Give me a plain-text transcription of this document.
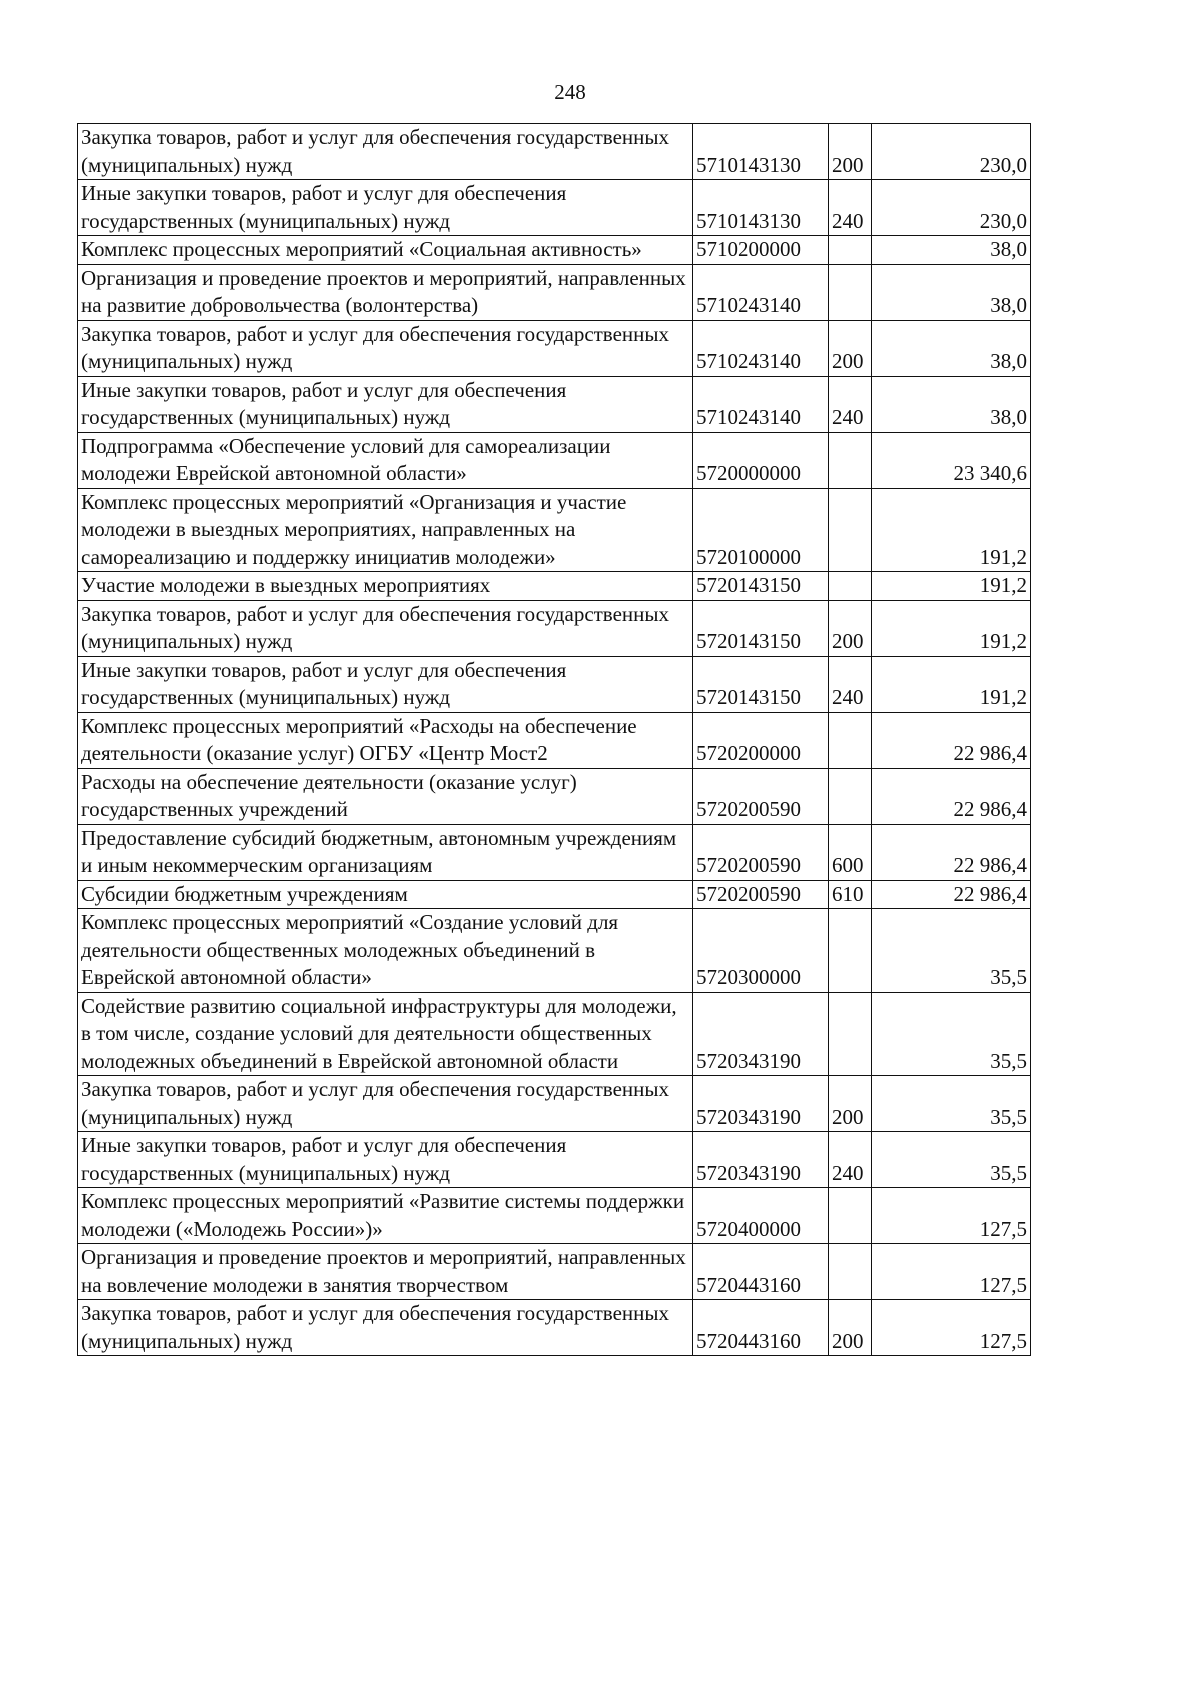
248
Закупка товаров, работ и услуг для обеспечения государственных (муниципальных) нужд	5710143130	200	230,0
Иные закупки товаров, работ и услуг для обеспечения государственных (муниципальных) нужд	5710143130	240	230,0
Комплекс процессных мероприятий «Социальная активность»	5710200000		38,0
Организация и проведение проектов и мероприятий, направленных на развитие добровольчества (волонтерства)	5710243140		38,0
Закупка товаров, работ и услуг для обеспечения государственных (муниципальных) нужд	5710243140	200	38,0
Иные закупки товаров, работ и услуг для обеспечения государственных (муниципальных) нужд	5710243140	240	38,0
Подпрограмма «Обеспечение условий для самореализации молодежи Еврейской автономной области»	5720000000		23 340,6
Комплекс процессных мероприятий «Организация и участие молодежи в выездных мероприятиях, направленных на самореализацию и поддержку инициатив молодежи»	5720100000		191,2
Участие молодежи в выездных мероприятиях	5720143150		191,2
Закупка товаров, работ и услуг для обеспечения государственных (муниципальных) нужд	5720143150	200	191,2
Иные закупки товаров, работ и услуг для обеспечения государственных (муниципальных) нужд	5720143150	240	191,2
Комплекс процессных мероприятий «Расходы на обеспечение деятельности (оказание услуг) ОГБУ «Центр Мост2	5720200000		22 986,4
Расходы на обеспечение деятельности (оказание услуг) государственных учреждений	5720200590		22 986,4
Предоставление субсидий бюджетным, автономным учреждениям и иным некоммерческим организациям	5720200590	600	22 986,4
Субсидии бюджетным учреждениям	5720200590	610	22 986,4
Комплекс процессных мероприятий «Создание условий для деятельности общественных молодежных объединений в Еврейской автономной области»	5720300000		35,5
Содействие развитию социальной инфраструктуры для молодежи, в том числе, создание условий для деятельности общественных молодежных объединений в Еврейской автономной области	5720343190		35,5
Закупка товаров, работ и услуг для обеспечения государственных (муниципальных) нужд	5720343190	200	35,5
Иные закупки товаров, работ и услуг для обеспечения государственных (муниципальных) нужд	5720343190	240	35,5
Комплекс процессных мероприятий «Развитие системы поддержки молодежи («Молодежь России»)»	5720400000		127,5
Организация и проведение проектов и мероприятий, направленных на вовлечение молодежи в занятия творчеством	5720443160		127,5
Закупка товаров, работ и услуг для обеспечения государственных (муниципальных) нужд	5720443160	200	127,5
